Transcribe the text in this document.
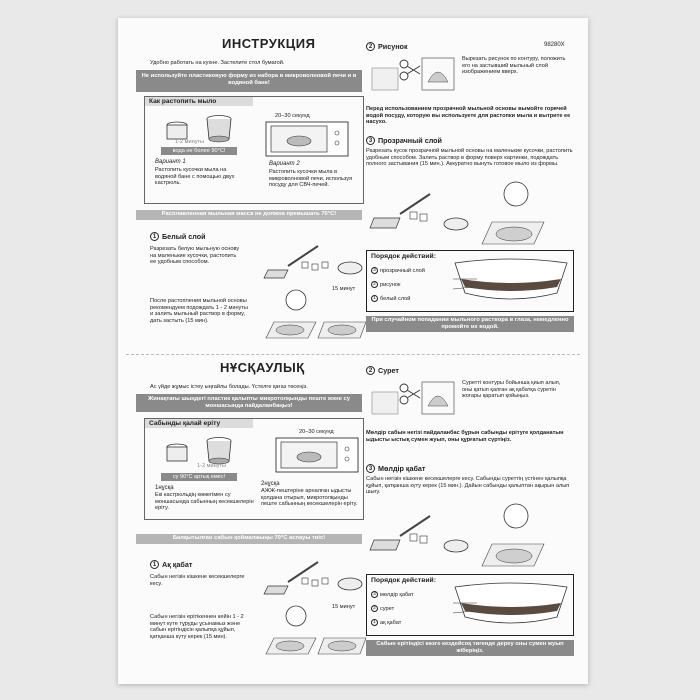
ИНСТРУКЦИЯ
Удобно работать на кухне. Застелите стол бумагой.
Не используйте пластиковую форму из набора в микроволновой печи и в водяной бане!
Как растопить мыло
1-2 минуты
вода не более 90°С!
Вариант 1
Растопить кусочки мыла на водяной бане с помощью двух кастрюль.
20–30 секунд
Вариант 2
Растопить кусочки мыла в микроволновой печи, используя посуду для СВЧ-печей.
Расплавленная мыльная масса не должна превышать 70°С!
1 Белый слой
Разрезать белую мыльную основу на маленькие кусочки, растопить ее удобным способом.
После растопления мыльной основы рекомендуем подождать 1 - 2 минуты и залить мыльный раствор в форму, дать застыть (15 мин).
15 минут
2 Рисунок	98280Х
Вырезать рисунок по контуру, положить его на застывший мыльный слой изображением вверх.
Перед использованием прозрачной мыльной основы вымойте горячей водой посуду, которую вы используете для растопки мыла и вытрите ее насухо.
3 Прозрачный слой
Разрезать кусок прозрачной мыльной основы на маленькие кусочки, растопить удобным способом. Залить раствор в форму поверх картинки, подождать полного застывания (15 мин.). Аккуратно вынуть готовое мыло из формы.
Порядок действий:
3 прозрачный слой
2 рисунок
1 белый слой
При случайном попадании мыльного раствора в глаза, немедленно промойте их водой.
НҰСҚАУЛЫҚ
Ас үйде жұмыс істеу ыңғайлы болады. Үстелге қағаз төсеңіз.
Жинақтағы шыңдегі пластик қалыпты микротолқынды пеште және су моншасында пайдаланбаңыз!
Сабынды қалай еріту
1-2 минуты
су 90°С артық емес!
1нұсқа
Екі кастрюльдің көмегімен су моншасында сабынның кесекшелерін еріту.
20–30 секунд
2нұсқа
АЖЖ-пештеріне арналған ыдысты қолдана отырып, микротолқынды пеште сабынның кесекшелерін еріту.
Балқытылған сабын қоймалжыңы 70°С аспауы тиіс!
1 Ақ қабат
Сабын негізін кішкене кесекшелерге кесу.
Сабын негізін ерітікеннен кейін 1 - 2 минут күте тұруды ұсынамыз және сабын ерітіндісін қалыпқа құйып, қатқанша күту керек (15 мин).
15 минут
2 Сурет
Суретті контуры бойынша қиып алып, оны қатып қалған ақ қабатқа суретін жоғары қаратып қойыңыз.
Мөлдір сабын негізі пайдаланбас бұрын сабынды ерітуге қолданатын ыдысты ыстық сумен жуып, оны құрғатып сүртіңіз.
3 Мөлдір қабат
Сабын негізін кішкене кесекшелерге кесу. Сабынды суреттің үстінен қалыпқа құйып, қатқанша күту керек (15 мин.). Дайын сабынды қалыптан ақырын алып шығу.
Порядок действий:
3 мөлдір қабат
2 сурет
1 ақ қабат
Сабын ерітіндісі көзге кездейсоқ тигенде дереу оны сумен жуып жіберіңіз.
